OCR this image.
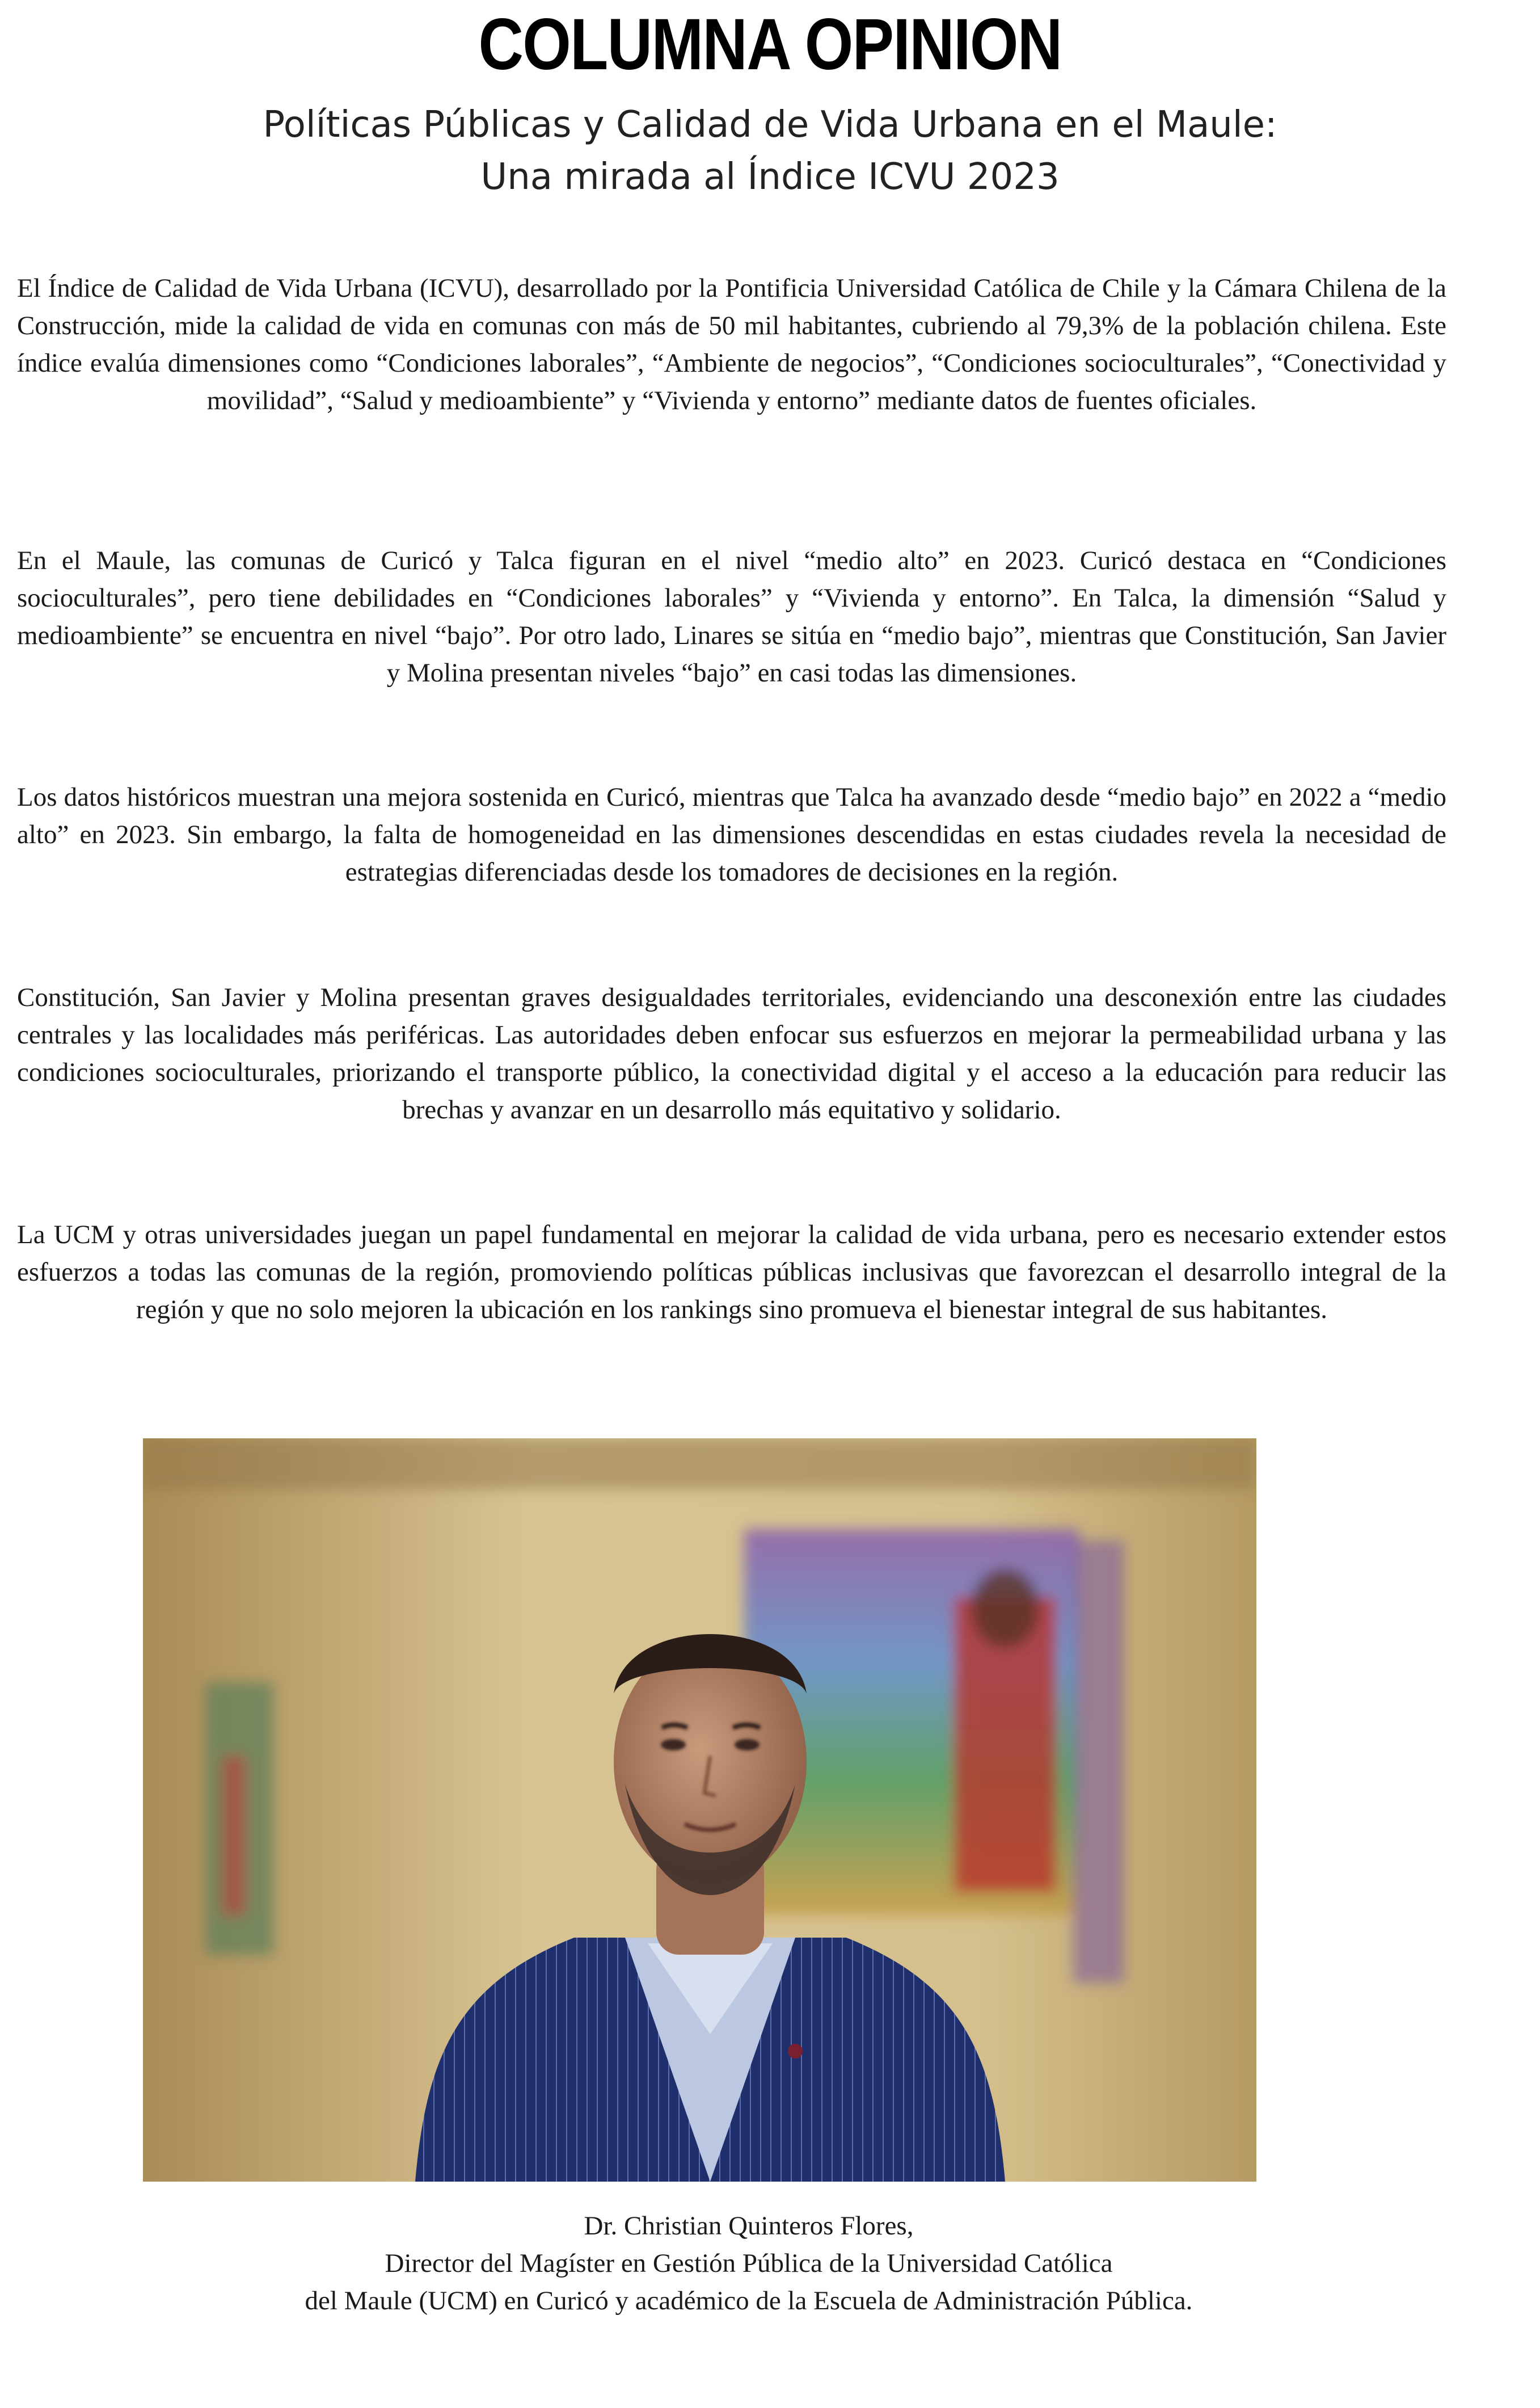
COLUMNA OPINION
Políticas Públicas y Calidad de Vida Urbana en el Maule:
Una mirada al Índice ICVU 2023

El Índice de Calidad de Vida Urbana (ICVU), desarrollado por la Pontificia Universidad Católica de Chile y la Cámara Chilena de la Construcción, mide la calidad de vida en comunas con más de 50 mil habitantes, cubriendo al 79,3% de la población chilena. Este índice evalúa dimensiones como “Condiciones laborales”, “Ambiente de negocios”, “Condiciones socioculturales”, “Conectividad y movilidad”, “Salud y medioambiente” y “Vivienda y entorno” mediante datos de fuentes oficiales.

En el Maule, las comunas de Curicó y Talca figuran en el nivel “medio alto” en 2023. Curicó destaca en “Condiciones socioculturales”, pero tiene debilidades en “Condiciones laborales” y “Vivienda y entorno”. En Talca, la dimensión “Salud y medioambiente” se encuentra en nivel “bajo”. Por otro lado, Linares se sitúa en “medio bajo”, mientras que Constitución, San Javier y Molina presentan niveles “bajo” en casi todas las dimensiones.

Los datos históricos muestran una mejora sostenida en Curicó, mientras que Talca ha avanzado desde “medio bajo” en 2022 a “medio alto” en 2023. Sin embargo, la falta de homogeneidad en las dimensiones descendidas en estas ciudades revela la necesidad de estrategias diferenciadas desde los tomadores de decisiones en la región.

Constitución, San Javier y Molina presentan graves desigualdades territoriales, evidenciando una desconexión entre las ciudades centrales y las localidades más periféricas. Las autoridades deben enfocar sus esfuerzos en mejorar la permeabilidad urbana y las condiciones socioculturales, priorizando el transporte público, la conectividad digital y el acceso a la educación para reducir las brechas y avanzar en un desarrollo más equitativo y solidario.

La UCM y otras universidades juegan un papel fundamental en mejorar la calidad de vida urbana, pero es necesario extender estos esfuerzos a todas las comunas de la región, promoviendo políticas públicas inclusivas que favorezcan el desarrollo integral de la región y que no solo mejoren la ubicación en los rankings sino promueva el bienestar integral de sus habitantes.

Dr. Christian Quinteros Flores,
Director del Magíster en Gestión Pública de la Universidad Católica
del Maule (UCM) en Curicó y académico de la Escuela de Administración Pública.
